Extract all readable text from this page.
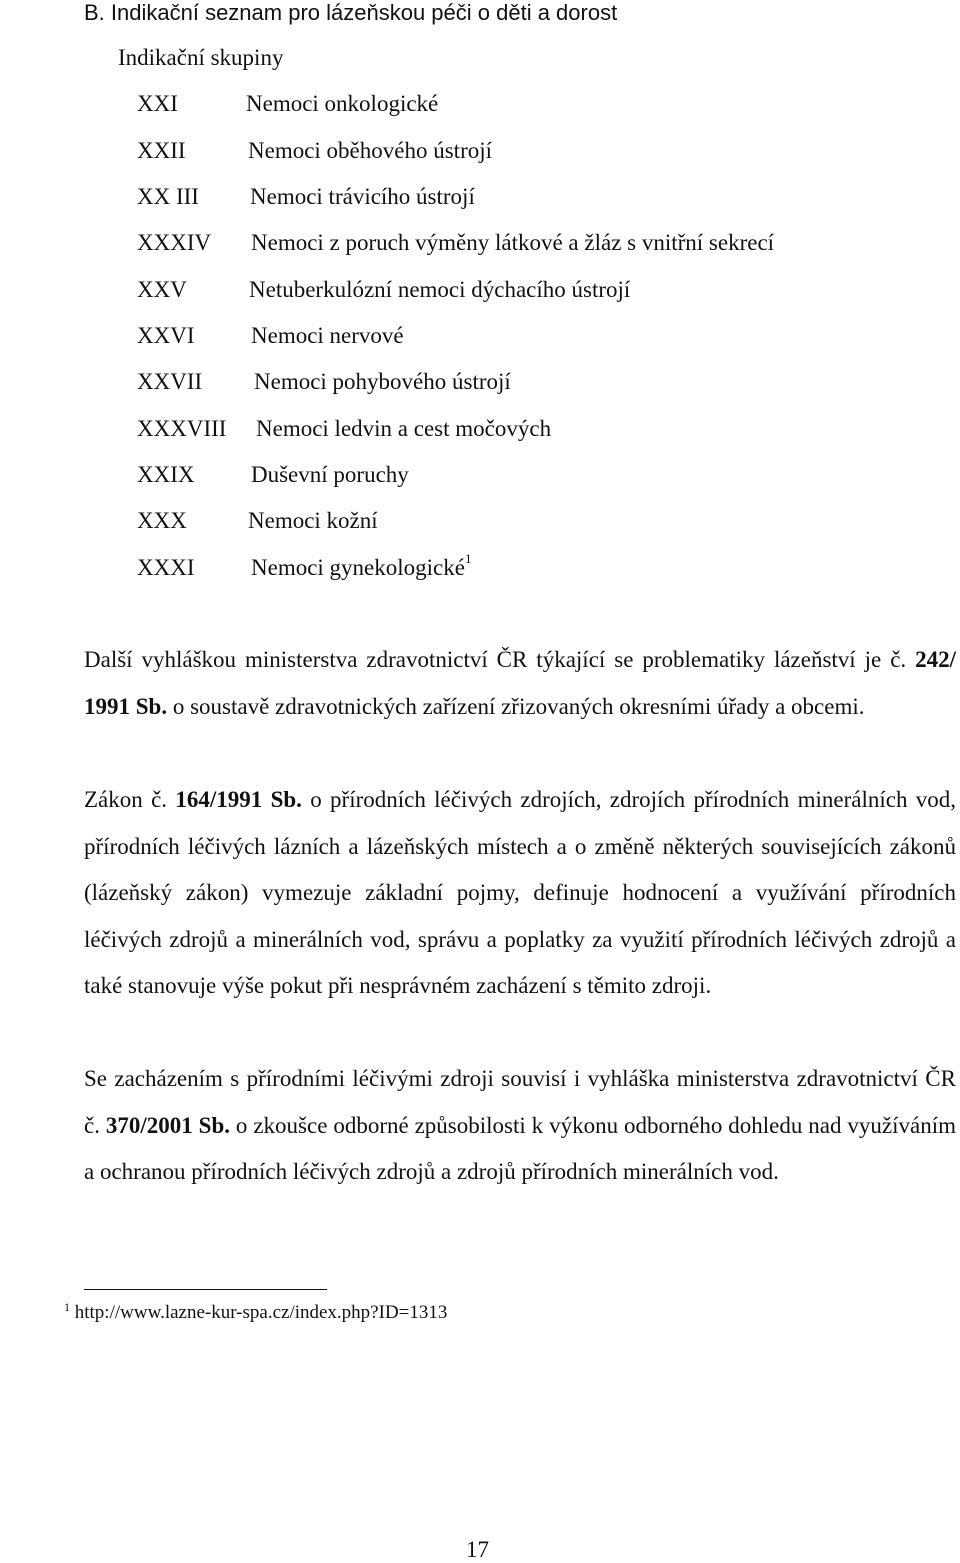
B. Indikační seznam pro lázeňskou péči o děti a dorost
Indikační skupiny
XXI	Nemoci onkologické
XXII	Nemoci oběhového ústrojí
XX III Nemoci trávicího ústrojí
XXXIV Nemoci z poruch výměny látkové a žláz s vnitřní sekrecí
XXV	Netuberkulózní nemoci dýchacího ústrojí
XXVI Nemoci nervové
XXVII Nemoci pohybového ústrojí
XXXVIII Nemoci ledvin a cest močových
XXIX Duševní poruchy
XXX	Nemoci kožní
XXXI Nemoci gynekologické$^1$
Další vyhláškou ministerstva zdravotnictví ČR týkající se problematiky lázeňství je č. 242/ 1991 Sb. o soustavě zdravotnických zařízení zřizovaných okresními úřady a obcemi.
Zákon č. 164/1991 Sb. o přírodních léčivých zdrojích, zdrojích přírodních minerálních vod, přírodních léčivých lázních a lázeňských místech a o změně některých souvisejících zákonů (lázeňský zákon) vymezuje základní pojmy, definuje hodnocení a využívání přírodních léčivých zdrojů a minerálních vod, správu a poplatky za využití přírodních léčivých zdrojů a také stanovuje výše pokut při nesprávném zacházení s těmito zdroji.
Se zacházením s přírodními léčivými zdroji souvisí i vyhláška ministerstva zdravotnictví ČR č. 370/2001 Sb. o zkoušce odborné způsobilosti k výkonu odborného dohledu nad využíváním a ochranou přírodních léčivých zdrojů a zdrojů přírodních minerálních vod.
$^1$ http://www.lazne-kur-spa.cz/index.php?ID=1313
17
